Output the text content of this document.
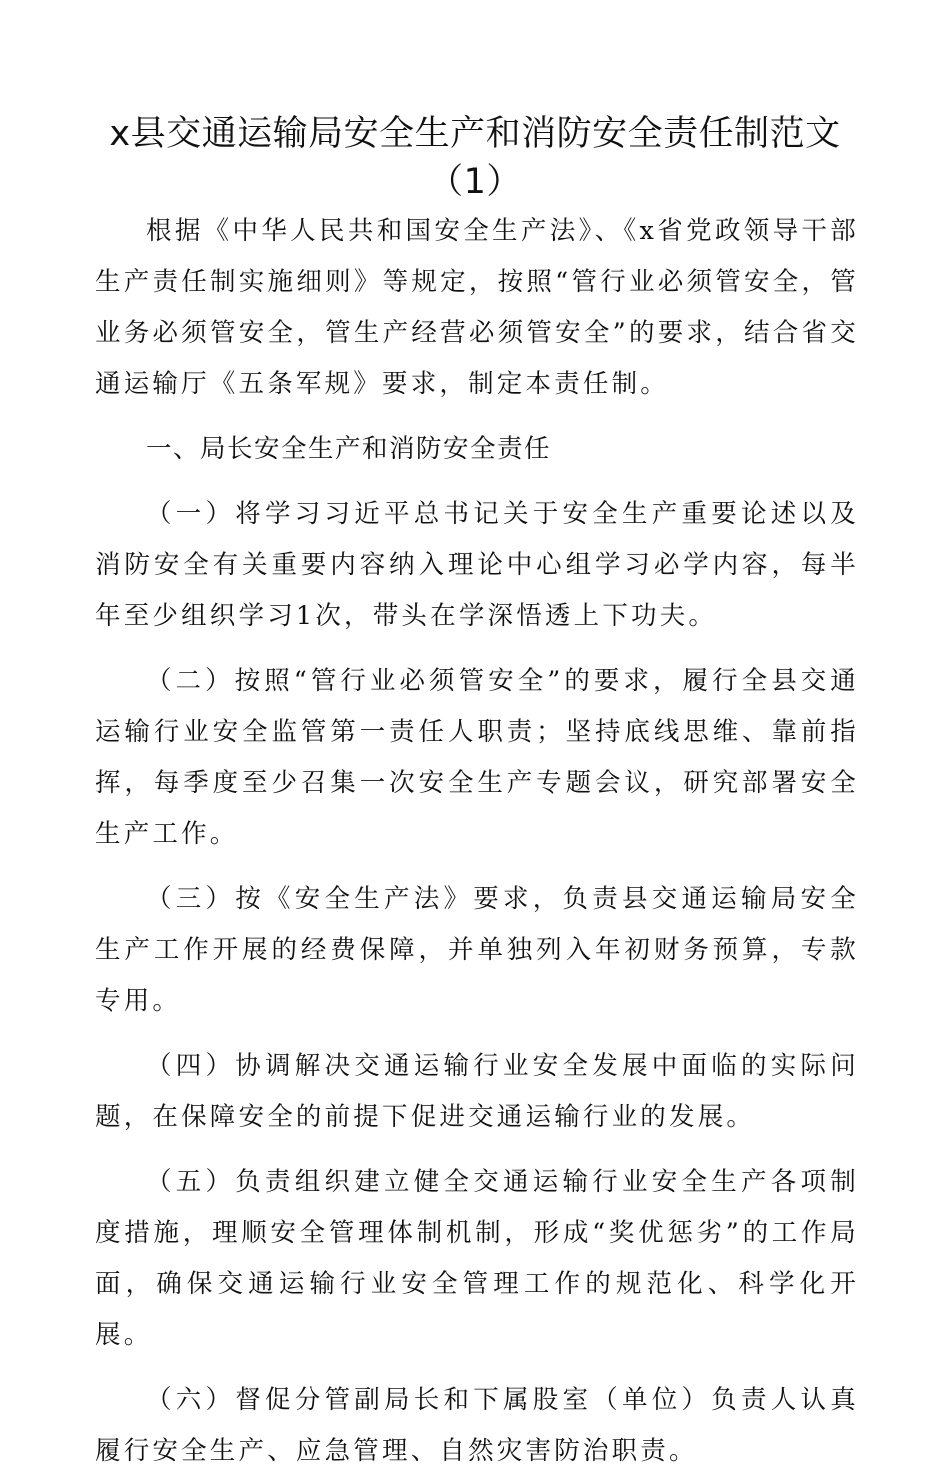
x县交通运输局安全生产和消防安全责任制范文（1）

根据《中华人民共和国安全生产法》、《x省党政领导干部生产责任制实施细则》等规定，按照“管行业必须管安全，管业务必须管安全，管生产经营必须管安全”的要求，结合省交通运输厅《五条军规》要求，制定本责任制。

一、局长安全生产和消防安全责任

（一）将学习习近平总书记关于安全生产重要论述以及消防安全有关重要内容纳入理论中心组学习必学内容，每半年至少组织学习1次，带头在学深悟透上下功夫。

（二）按照“管行业必须管安全”的要求，履行全县交通运输行业安全监管第一责任人职责；坚持底线思维、靠前指挥，每季度至少召集一次安全生产专题会议，研究部署安全生产工作。

（三）按《安全生产法》要求，负责县交通运输局安全生产工作开展的经费保障，并单独列入年初财务预算，专款专用。

（四）协调解决交通运输行业安全发展中面临的实际问题，在保障安全的前提下促进交通运输行业的发展。

（五）负责组织建立健全交通运输行业安全生产各项制度措施，理顺安全管理体制机制，形成“奖优惩劣”的工作局面，确保交通运输行业安全管理工作的规范化、科学化开展。

（六）督促分管副局长和下属股室（单位）负责人认真履行安全生产、应急管理、自然灾害防治职责。
